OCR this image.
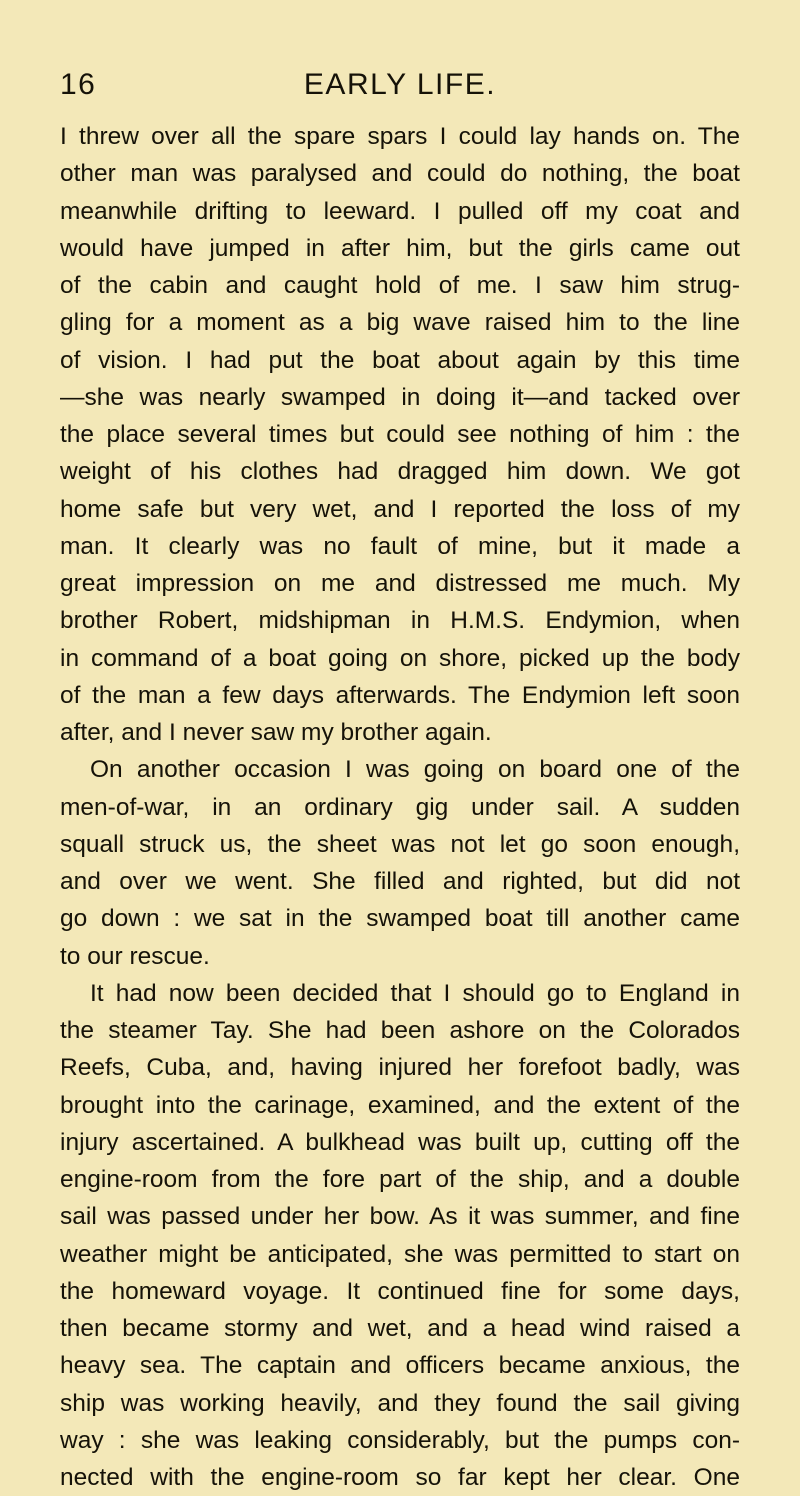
16	EARLY LIFE.
I threw over all the spare spars I could lay hands on. The
other man was paralysed and could do nothing, the boat
meanwhile drifting to leeward. I pulled off my coat and
would have jumped in after him, but the girls came out
of the cabin and caught hold of me. I saw him strug-
gling for a moment as a big wave raised him to the line
of vision. I had put the boat about again by this time
—she was nearly swamped in doing it—and tacked over
the place several times but could see nothing of him : the
weight of his clothes had dragged him down. We got
home safe but very wet, and I reported the loss of my
man. It clearly was no fault of mine, but it made a
great impression on me and distressed me much. My
brother Robert, midshipman in H.M.S. Endymion, when
in command of a boat going on shore, picked up the body
of the man a few days afterwards. The Endymion left soon
after, and I never saw my brother again.
On another occasion I was going on board one of the
men-of-war, in an ordinary gig under sail. A sudden
squall struck us, the sheet was not let go soon enough,
and over we went. She filled and righted, but did not
go down : we sat in the swamped boat till another came
to our rescue.
It had now been decided that I should go to England in
the steamer Tay. She had been ashore on the Colorados
Reefs, Cuba, and, having injured her forefoot badly, was
brought into the carinage, examined, and the extent of the
injury ascertained. A bulkhead was built up, cutting off the
engine-room from the fore part of the ship, and a double
sail was passed under her bow. As it was summer, and fine
weather might be anticipated, she was permitted to start on
the homeward voyage. It continued fine for some days,
then became stormy and wet, and a head wind raised a
heavy sea. The captain and officers became anxious, the
ship was working heavily, and they found the sail giving
way : she was leaking considerably, but the pumps con-
nected with the engine-room so far kept her clear. One
